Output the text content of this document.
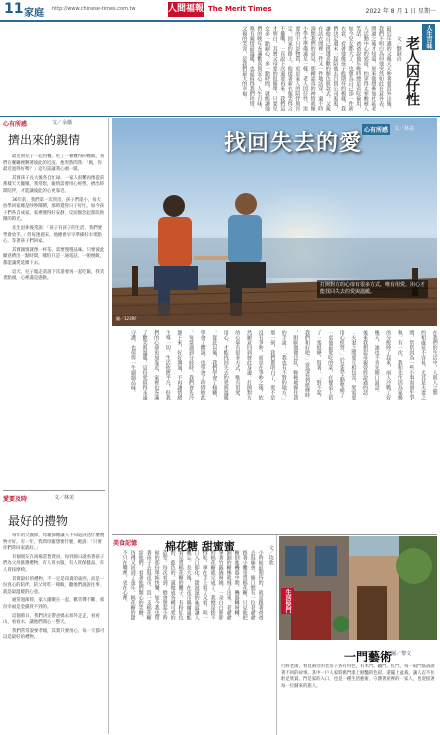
11 家庭 http://www.chinese-times.com.tw	人間福報 The Merit Times	2022 年 8 月 1 日 星期一
人生百味
老人因仔性
文／劉淑貞
最近年邁的父親天天吵著要買外出服，
我們不明白為何他突然如此在意外表，
問過之後才知道，原來他想參加社區老
人活動中心的郊遊，怕穿得太寒酸被人
笑話。爸爸說他年輕時總是省吃儉用，
如今兒女都大了，也想為自己添一件新
衣裳。看著他像孩子般期待的模樣，我
們決定週末一起陪他去百貨公司逛逛，
讓他自己挑選喜歡的顏色與款式。父親
在試衣間裡一件又一件地試穿，還不時
詢問我們的意見，那種認真的神情就像
小學生準備遠足一樣。老人因仔性，需
要的不只是物質，更是家人的陪伴與肯
定。回家的路上，他提著新衣服笑得合
不攏嘴，一直說下次還要再來。我們這
才明白，其實父母要的很簡單，只要兒
女多一點耐心，多一點時間，就能讓他
們的晚年充滿歡喜與安心。人生百味，
唯有親情最溫暖，也最值得我們珍惜。
父親的笑容，是我們最大的幸福。
心有所感	文／余薇
擠出來的親情
最近與兒子一起用餐，吃了一頓難得的晚飯。我們在餐廳裡聊著彼此的近況，他突然問我：「媽，你最近過得好嗎？」這句話讓我心頭一暖。
其實孩子長大後各自忙碌，一家人很難再像從前那樣天天團聚。我常想，親情需要用心經營，擠出時間陪伴，才能讓彼此的心更靠近。
36年前，我們第一次買房，孩子們還小，每天放學回家總是吵吵鬧鬧，那時覺得日子好忙。如今孩子們各自成家，家裡變得好安靜，反而懷念起那段熱鬧的時光。
先生退休後常說：「孩子有孩子的生活，我們要學會放手。」但每逢週末，他總會早早準備好水果點心，等著孩子們回家。
其實親情就像一杯茶，需要慢慢品味。只要彼此願意擠出一點時間，哪怕只是一通電話、一頓便飯，都能讓愛延續下去。
這天，兒子臨走前說下次還要再一起吃飯，我笑著點頭，心裡滿是感動。
愛要及時	文／林美
最好的禮物
每年的父親節，母親節總讓人不知道該送什麼禮物才好。有一年，我問母親想要什麼，她說：「只要你們常回家就好。」
有個朋友在商場當售貨員，每到節日就看著孩子們為父母挑選禮物，有人買衣服，有人買保健品，有人買按摩椅。
其實最好的禮物，不一定是昂貴的東西，而是一份真心的陪伴。陪父母吃一頓飯，聽他們說說往事，就是最溫暖的心意。
通常過節時，家人團聚在一起，歡笑聲不斷，那份幸福是金錢買不到的。
這個節日，我們決定帶爸媽去郊外走走，看看山，看看水，讓他們開心一整天。
我們常常說要孝順，其實只要用心，每一天都可以是最好的禮物。
找回失去的愛 心有所感	文／林美
打開對方的心扉有很多方式，唯有用愛、用心才能找回失去的愛與溫暖。
圖／123RF
在我們的生活中，人與人之間
的相處並不容易，尤其是夫妻之
間，常常因為一些小事而發生爭
執。有一次，我和先生因為家務
的分配吵了起來，兩人冷戰了好
幾天，誰也不肯先開口說話。
後來我想起母親曾經說過的話：
「夫妻之間要互相包容，愛需要
用心經營。」於是我主動準備了
一桌他最愛吃的菜，在餐桌上留
了一張紙條，寫著：「對不起，
我們和好吧。」當他看到紙條時
，眼眶微微泛紅，輕輕地握住我
的手說：「我也有不對的地方。」
那一刻，我們都明白了，愛不是
沒有爭吵，而是在爭吵之後，依
然願意回到彼此身邊。打開對方
的心扉有很多方式，唯有用愛、
用心，才能找回失去的愛與溫暖
。從此以後，我們學會了傾聽，
學會了體諒，也學會了珍惜彼此
。每當遇到分歧時，我們會先冷
靜下來，好好溝通，不再讓情緒
主導一切。生活依舊平凡，但我
們的心卻更加靠近，家裡也充滿
了歡笑與溫暖，這份愛值得永遠
守護，也值得一生細細品味。
美食記憶	棉花糖 甜蜜蜜	文／玫欣
小時候最期待的，就是跟著爸爸
去逛廟會。廟口總有一位老爺爺
推著小攤車賣棉花糖，只見他把
糖倒進機器中間，機器轉呀轉，
細細的糖絲就飛了出來。老爺爺
拿著竹籤繞呀繞，一朵白白胖胖
的棉花糖就完成了。我總是捨不
得吃，拿在手上看了又看，咬一
口入口即化，甜滋滋的味道讓人
難忘。長大後，在夜市偶爾還能
看見賣棉花糖的攤子，有粉紅色
的、藍色的，還做成各種可愛的
造型。每次看到，總會想起小時
候的那份單純快樂。如今我也帶
著孩子去逛夜市，買一支棉花糖
給他們，看著他們開心的笑臉，
彷彿又回到了童年。棉花糖的甜
不只在嘴裡，更在心裡。	生活快門
一門藝術
文圖／黎文
行經老街，看見兩旁的老房子各有特色，有木門、鐵門、紅門，每一扇門都訴說著不同的故事。其中一戶人家將舊門漆上鮮豔的色彩，還擺上盆栽，讓人忍不住駐足欣賞。門是家的入口，也是一種生活藝術，守護著屋裡的一家人，也迎接著每一位歸來的旅人。
